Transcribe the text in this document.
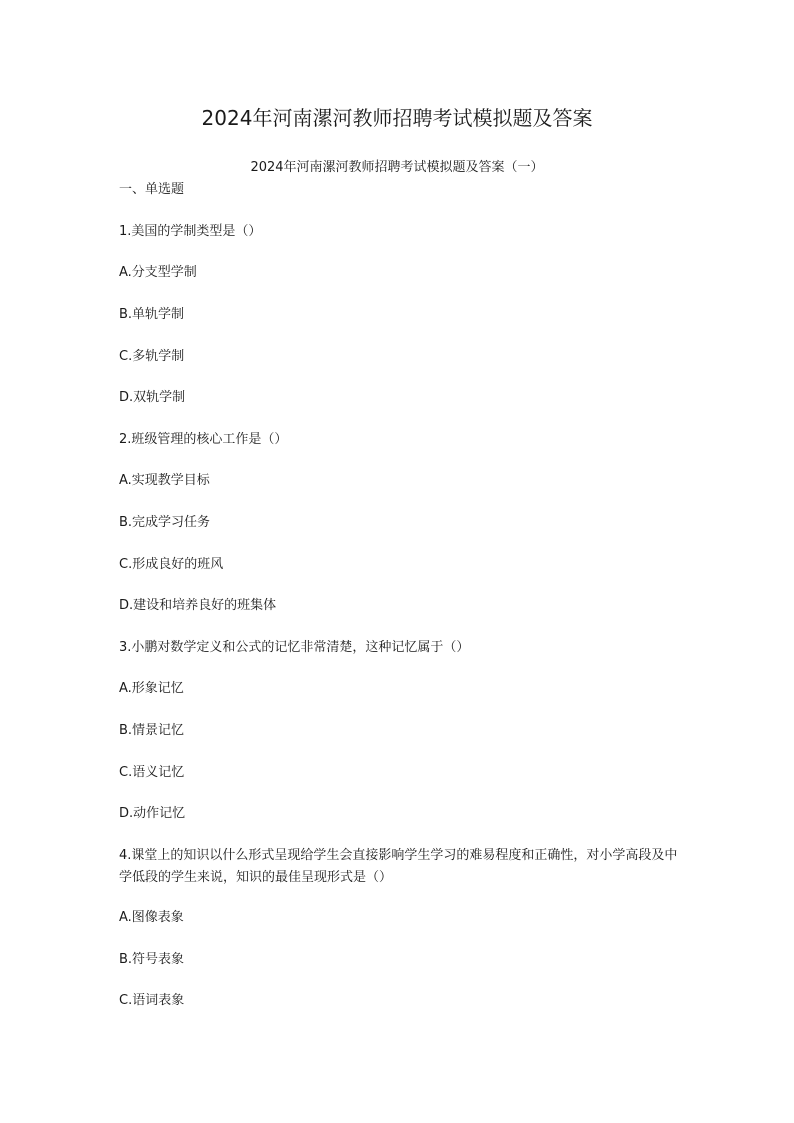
2024年河南漯河教师招聘考试模拟题及答案
2024年河南漯河教师招聘考试模拟题及答案（一）
一、单选题
1.美国的学制类型是（）
A.分支型学制
B.单轨学制
C.多轨学制
D.双轨学制
2.班级管理的核心工作是（）
A.实现教学目标
B.完成学习任务
C.形成良好的班风
D.建设和培养良好的班集体
3.小鹏对数学定义和公式的记忆非常清楚，这种记忆属于（）
A.形象记忆
B.情景记忆
C.语义记忆
D.动作记忆
4.课堂上的知识以什么形式呈现给学生会直接影响学生学习的难易程度和正确性，对小学高段及中学低段的学生来说，知识的最佳呈现形式是（）
A.图像表象
B.符号表象
C.语词表象
